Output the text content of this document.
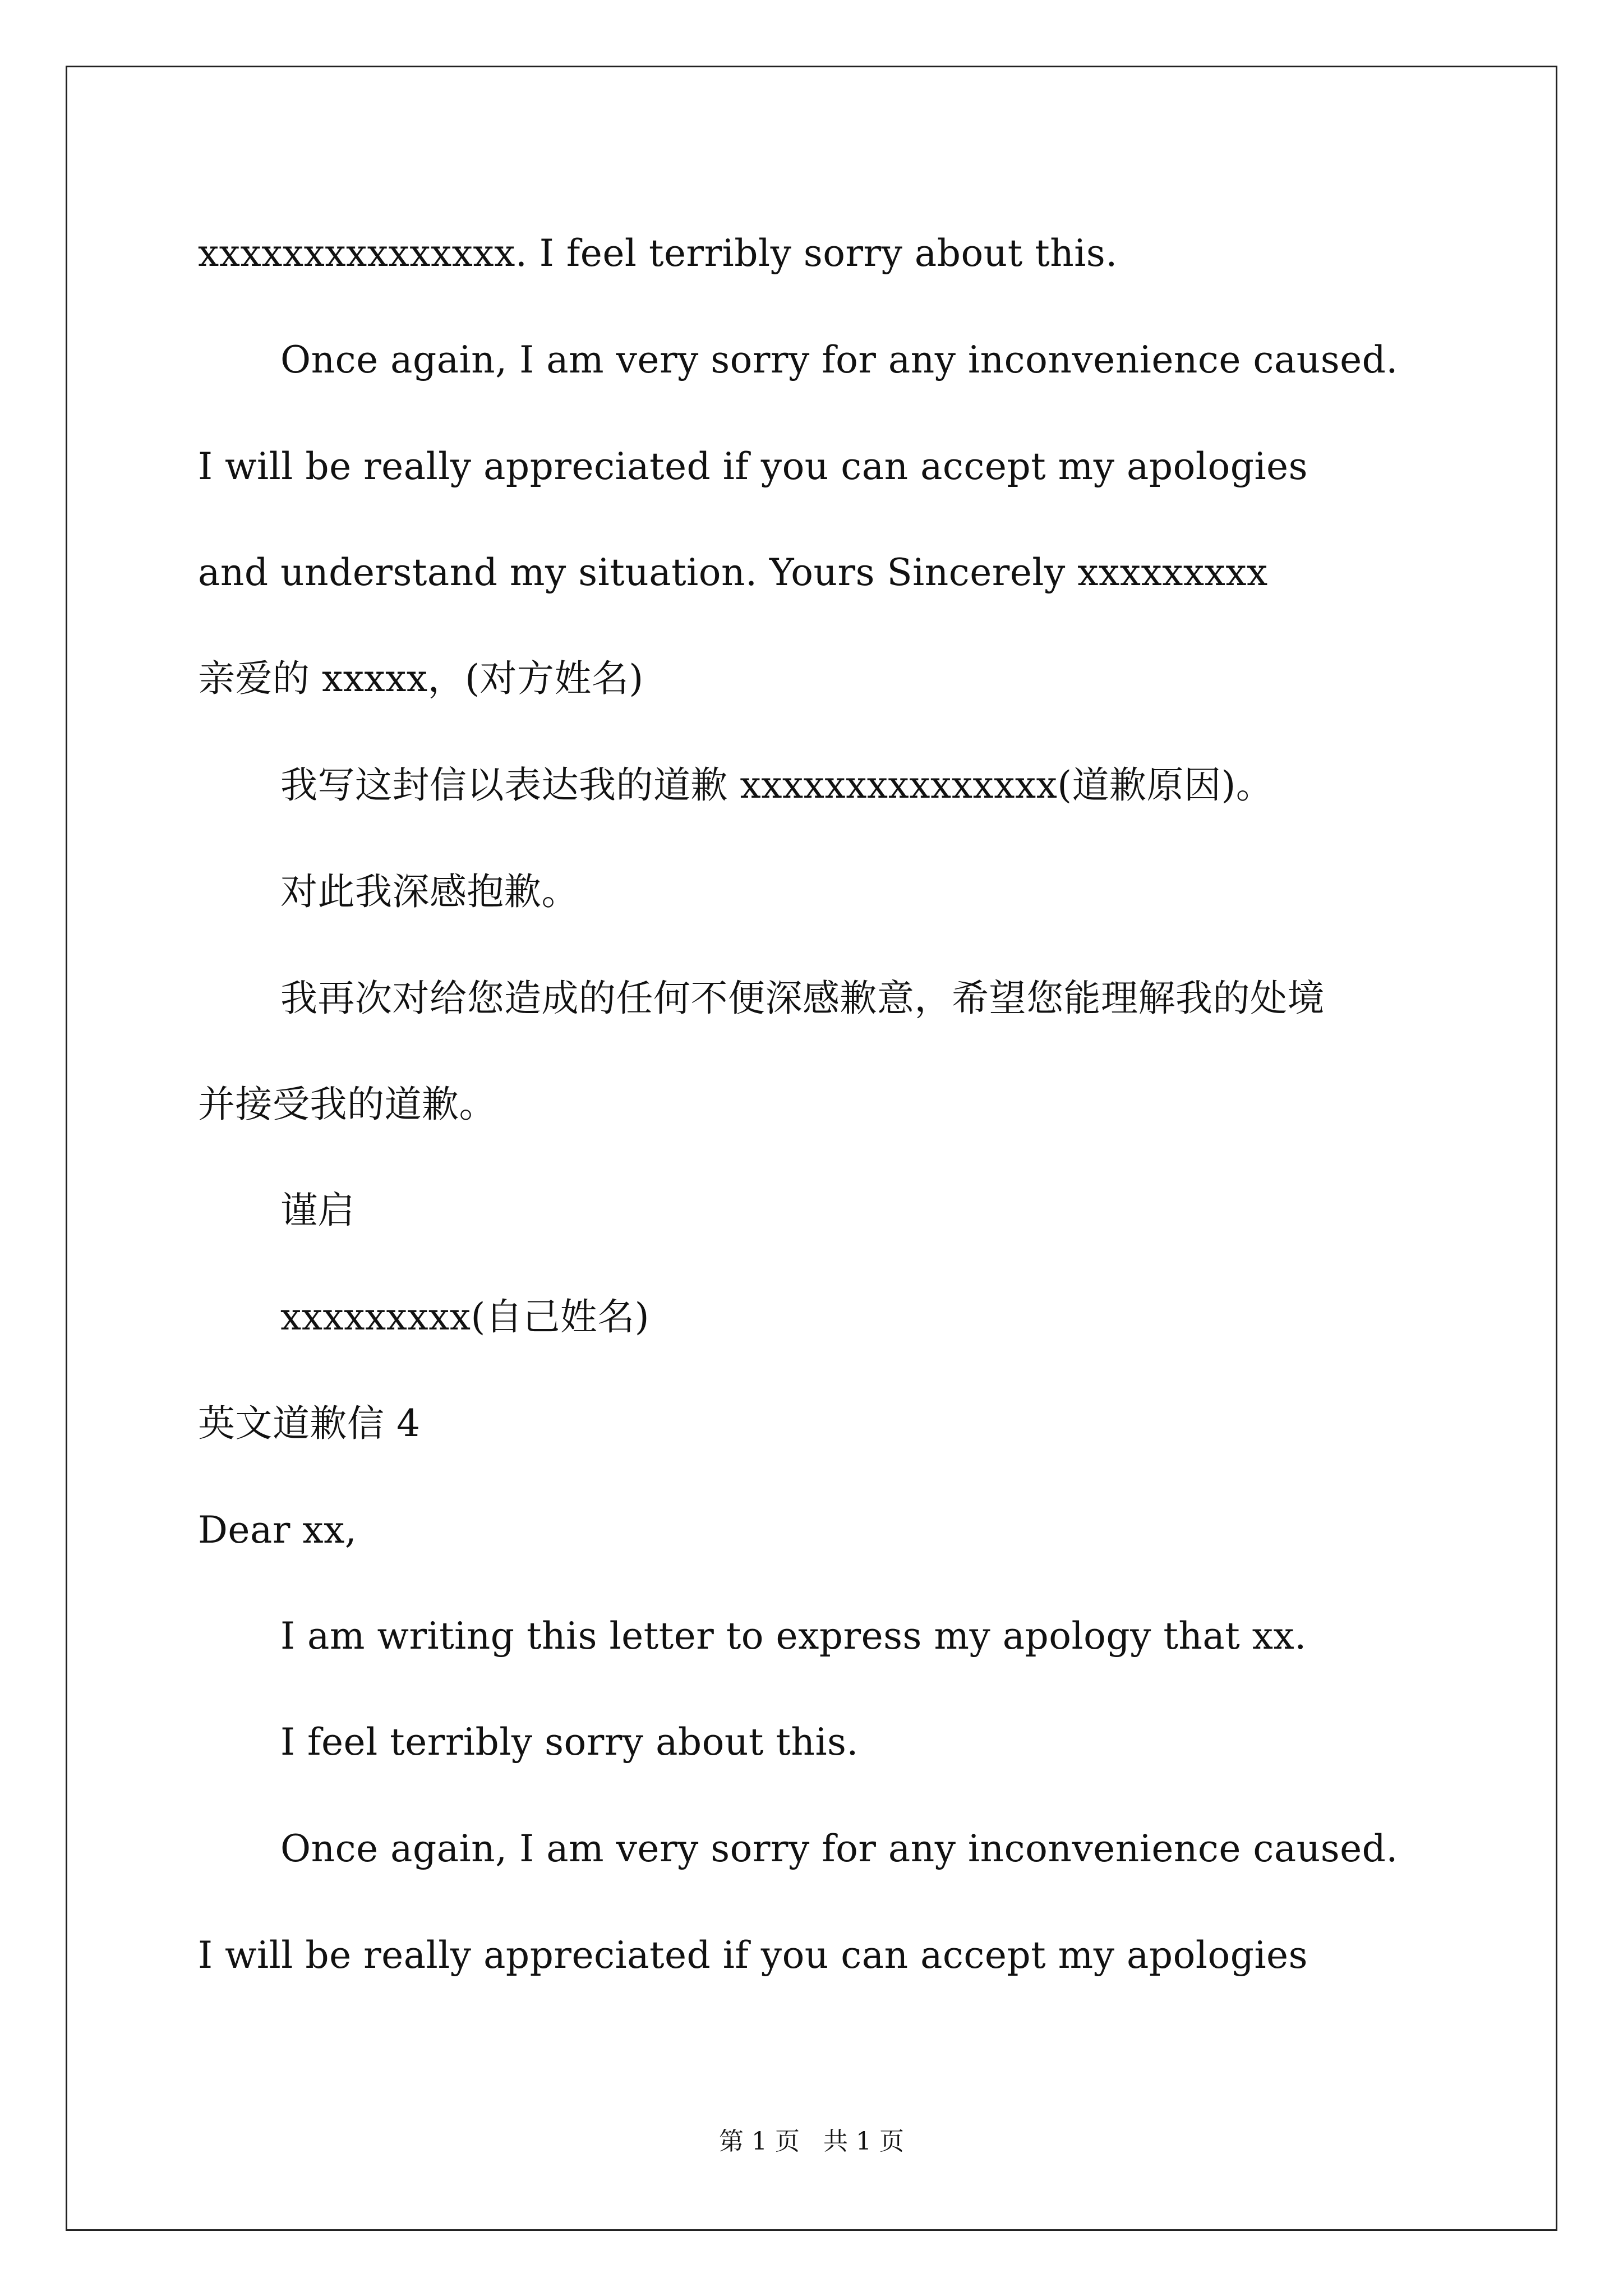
xxxxxxxxxxxxxxx. I feel terribly sorry about this.
Once again, I am very sorry for any inconvenience caused.
I will be really appreciated if you can accept my apologies
and understand my situation. Yours Sincerely xxxxxxxxx
亲爱的 xxxxx，(对方姓名)
我写这封信以表达我的道歉 xxxxxxxxxxxxxxx(道歉原因)。
对此我深感抱歉。
我再次对给您造成的任何不便深感歉意，希望您能理解我的处境
并接受我的道歉。
谨启
xxxxxxxxx(自己姓名)
英文道歉信 4
Dear xx,
I am writing this letter to express my apology that xx.
I feel terribly sorry about this.
Once again, I am very sorry for any inconvenience caused.
I will be really appreciated if you can accept my apologies
第 1 页 共 1 页
